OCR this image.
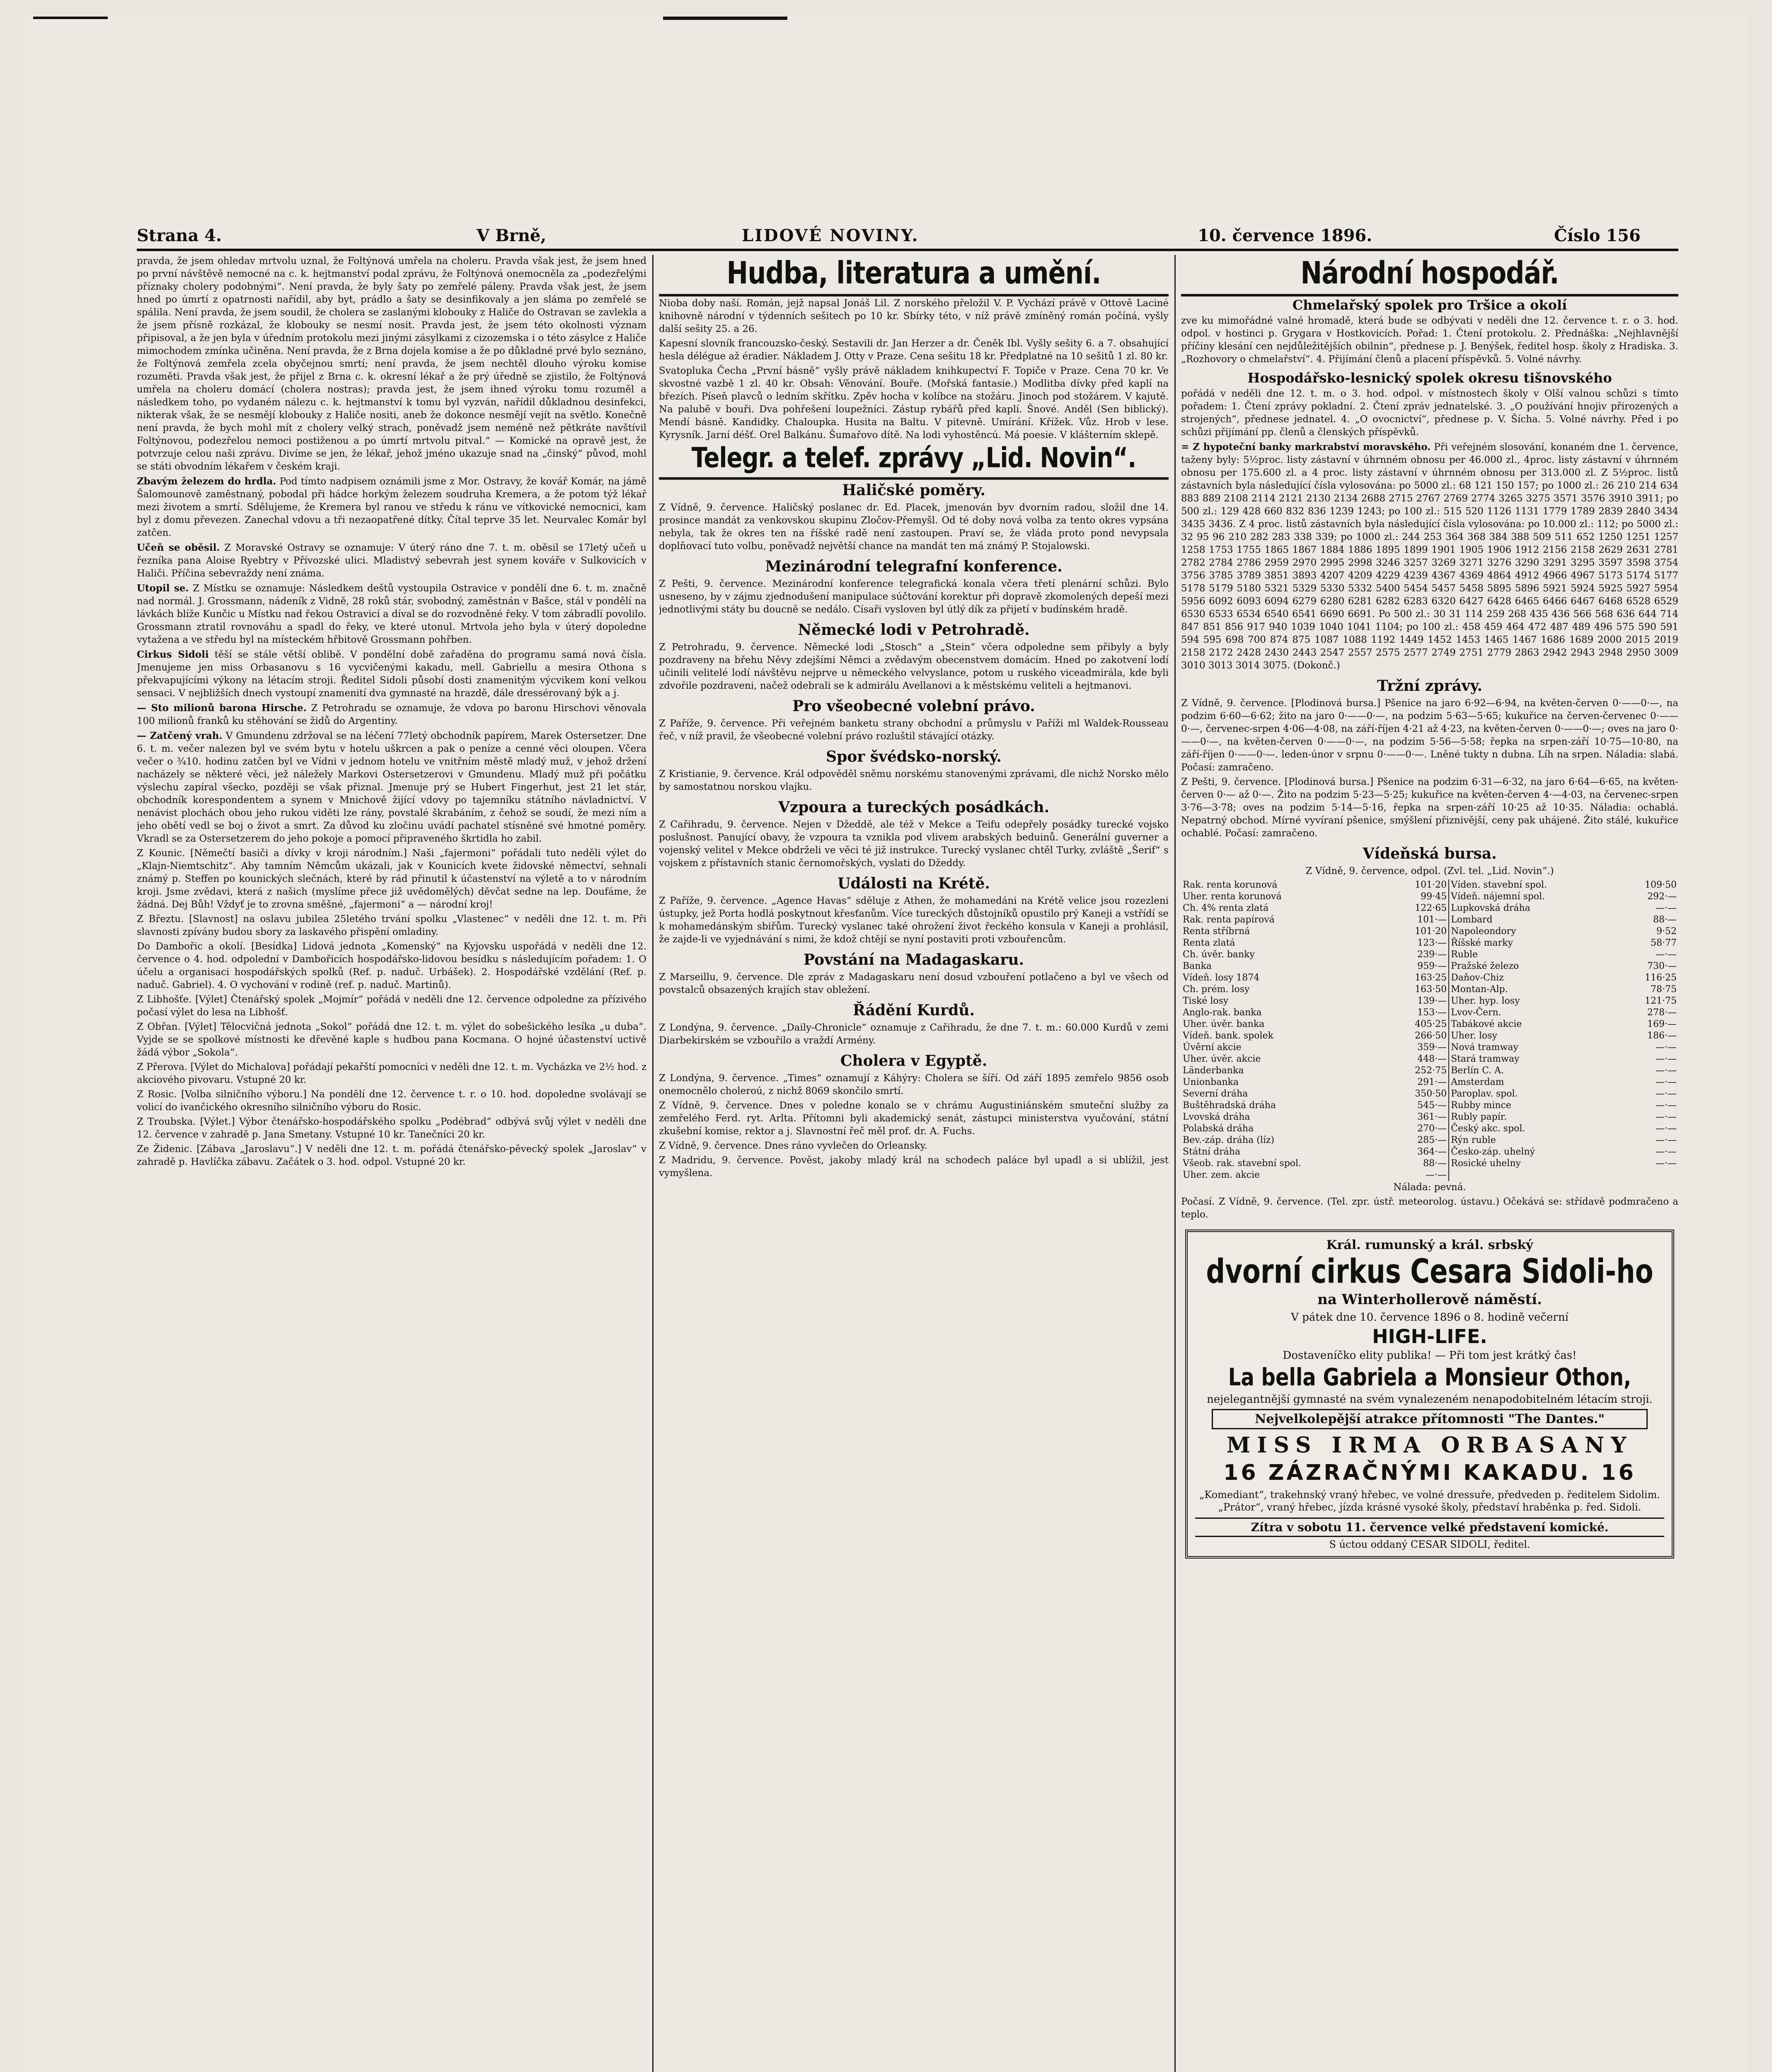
Strana 4.	V Brně,	LIDOVÉ NOVINY.	10. července 1896.	Číslo 156

pravda, že jsem ohledav mrtvolu uznal, že Foltýnová umřela na choleru. Pravda však jest, že jsem hned po první návštěvě nemocné na c. k. hejtmanství podal zprávu, že Foltýnová onemocněla za „podezřelými příznaky cholery podobnými“. Není pravda, že byly šaty po zemřelé páleny. Pravda však jest, že jsem hned po úmrtí z opatrnosti nařídil, aby byt, prádlo a šaty se desinfikovaly a jen sláma po zemřelé se spálila. Není pravda, že jsem soudil, že cholera se zaslanými klobouky z Haliče do Ostravan se zavlekla a že jsem přísně rozkázal, že klobouky se nesmí nosit. Pravda jest, že jsem této okolnosti význam připisoval, a že jen byla v úředním protokolu mezi jinými zásylkami z cizozemska i o této zásylce z Haliče mimochodem zmínka učiněna. Není pravda, že z Brna dojela komise a že po důkladné prvé bylo seznáno, že Foltýnová zemřela zcela obyčejnou smrtí; není pravda, že jsem nechtěl dlouho výroku komise rozuměti. Pravda však jest, že přijel z Brna c. k. okresní lékař a že prý úředně se zjistilo, že Foltýnová umřela na choleru domácí (cholera nostras); pravda jest, že jsem ihned výroku tomu rozuměl a následkem toho, po vydaném nálezu c. k. hejtmanství k tomu byl vyzván, nařídil důkladnou desinfekci, nikterak však, že se nesmějí klobouky z Haliče nositi, aneb že dokonce nesmějí vejít na světlo. Konečně není pravda, že bych mohl mít z cholery velký strach, poněvadž jsem neméně než pětkráte navštívil Foltýnovou, podezřelou nemoci postiženou a po úmrtí mrtvolu pitval.“ — Komické na opravě jest, že potvrzuje celou naši zprávu. Divíme se jen, že lékař, jehož jméno ukazuje snad na „činský“ původ, mohl se státi obvodním lékařem v českém kraji.

Zbavým železem do hrdla. Pod tímto nadpisem oznámili jsme z Mor. Ostravy, že kovář Komár, na jámě Šalomounově zaměstnaný, pobodal při hádce horkým železem soudruha Kremera, a že potom týž lékař mezi životem a smrtí. Sdělujeme, že Kremera byl ranou ve středu k ránu ve vítkovické nemocnici, kam byl z domu převezen. Zanechal vdovu a tři nezaopatřené dítky. Čítal teprve 35 let. Neurvalec Komár byl zatčen.

Učeň se oběsil. Z Moravské Ostravy se oznamuje: V úterý ráno dne 7. t. m. oběsil se 17letý učeň u řezníka pana Aloise Ryebtry v Přívozské ulici. Mladistvý sebevrah jest synem kováře v Sulkovicích v Haliči. Příčina sebevraždy není známa.

Utopil se. Z Místku se oznamuje: Následkem deštů vystoupila Ostravice v pondělí dne 6. t. m. značně nad normál. J. Grossmann, nádeník z Vidně, 28 roků stár, svobodný, zaměstnán v Bašce, stál v pondělí na lávkách blíže Kunčic u Místku nad řekou Ostravicí a díval se do rozvodněné řeky. V tom zábradlí povolilo. Grossmann ztratil rovnováhu a spadl do řeky, ve které utonul. Mrtvola jeho byla v úterý dopoledne vytažena a ve středu byl na místeckém hřbitově Grossmann pohřben.

Cirkus Sidoli těší se stále větší oblibě. V pondělní době zařaděna do programu samá nová čísla. Jmenujeme jen miss Orbasanovu s 16 vycvičenými kakadu, mell. Gabriellu a mesira Othona s překvapujícími výkony na létacím stroji. Ředitel Sidoli působí dosti znamenitým výcvikem koní velkou sensaci. V nejbližších dnech vystoupí znamenití dva gymnasté na hrazdě, dále dressérovaný býk a j.

— Sto milionů barona Hirsche. Z Petrohradu se oznamuje, že vdova po baronu Hirschovi věnovala 100 milionů franků ku stěhování se židů do Argentiny.

— Zatčený vrah. V Gmundenu zdržoval se na léčení 77letý obchodník papírem, Marek Ostersetzer. Dne 6. t. m. večer nalezen byl ve svém bytu v hotelu uškrcen a pak o peníze a cenné věci oloupen. Včera večer o ¾10. hodinu zatčen byl ve Vídni v jednom hotelu ve vnitřním městě mladý muž, v jehož držení nacházely se některé věci, jež náležely Markovi Ostersetzerovi v Gmundenu. Mladý muž při počátku výslechu zapíral všecko, později se však přiznal. Jmenuje prý se Hubert Fingerhut, jest 21 let stár, obchodník korespondentem a synem v Mnichově žijící vdovy po tajemníku státního návladnictví. V nenávist plochách obou jeho rukou viděti lze rány, povstalé škrabáním, z čehož se soudí, že mezi ním a jeho obětí vedl se boj o život a smrt. Za důvod ku zločinu uvádí pachatel stísněné své hmotné poměry. Vkradl se za Ostersetzerem do jeho pokoje a pomocí připraveného škrtidla ho zabil.

Z Kounic. [Němečtí basiči a dívky v kroji národním.] Naši „fajermoni“ pořádali tuto neděli výlet do „Klajn-Niemtschitz“. Aby tamním Němcům ukázali, jak v Kounicích kvete židovské němectví, sehnali známý p. Steffen po kounických slečnách, které by rád přinutil k účastenství na výletě a to v národním kroji. Jsme zvědavi, která z našich (myslíme přece již uvědomělých) děvčat sedne na lep. Doufáme, že žádná. Dej Bůh! Vždyť je to zrovna směšné, „fajermoni“ a — národní kroj!

Z Březtu. [Slavnost] na oslavu jubilea 25letého trvání spolku „Vlastenec“ v neděli dne 12. t. m. Při slavnosti zpívány budou sbory za laskavého přispění omladiny.

Do Dambořic a okolí. [Besídka] Lidová jednota „Komenský“ na Kyjovsku uspořádá v neděli dne 12. července o 4. hod. odpolední v Dambořicích hospodářsko-lidovou besídku s následujícím pořadem: 1. O účelu a organisaci hospodářských spolků (Ref. p. naduč. Urbášek). 2. Hospodářské vzdělání (Ref. p. naduč. Gabriel). 4. O vychování v rodině (ref. p. naduč. Martinů).

Z Libhošťe. [Výlet] Čtenářský spolek „Mojmír“ pořádá v neděli dne 12. července odpoledne za přízivého počasí výlet do lesa na Libhošť.

Z Obřan. [Výlet] Tělocvičná jednota „Sokol“ pořádá dne 12. t. m. výlet do sobešického lesíka „u duba“. Vyjde se se spolkové místnosti ke dřevěné kaple s hudbou pana Kocmana. O hojné účastenství uctivě žádá výbor „Sokola“.

Z Přerova. [Výlet do Michalova] pořádají pekařští pomocníci v neděli dne 12. t. m. Vycházka ve 2½ hod. z akciového pivovaru. Vstupné 20 kr.

Z Rosic. [Volba silničního výboru.] Na pondělí dne 12. července t. r. o 10. hod. dopoledne svolávají se volicí do ivančického okresního silničního výboru do Rosic.

Z Troubska. [Výlet.] Výbor čtenářsko-hospodářského spolku „Podébrad“ odbývá svůj výlet v neděli dne 12. července v zahradě p. Jana Smetany. Vstupné 10 kr. Tanečníci 20 kr.

Ze Židenic. [Zábava „Jaroslavu“.] V neděli dne 12. t. m. pořádá čtenářsko-pěvecký spolek „Jaroslav“ v zahradě p. Havlíčka zábavu. Začátek o 3. hod. odpol. Vstupné 20 kr.

Hudba, literatura a umění.

Nioba doby naší. Román, jejž napsal Jonáš Lil. Z norského přeložil V. P. Vychází právě v Ottově Laciné knihovně národní v týdenních sešitech po 10 kr. Sbírky této, v níž právě zmíněný román počíná, vyšly další sešity 25. a 26.

Kapesní slovník francouzsko-český. Sestavili dr. Jan Herzer a dr. Čeněk Ibl. Vyšly sešity 6. a 7. obsahující hesla délégue až éradier. Nákladem J. Otty v Praze. Cena sešitu 18 kr. Předplatné na 10 sešitů 1 zl. 80 kr.

Svatopluka Čecha „První básně“ vyšly právě nákladem knihkupectví F. Topiče v Praze. Cena 70 kr. Ve skvostné vazbě 1 zl. 40 kr. Obsah: Věnování. Bouře. (Mořská fantasie.) Modlitba dívky před kaplí na březích. Píseň plavců o ledním skřítku. Zpěv hocha v kolíbce na stožáru. Jinoch pod stožárem. V kajutě. Na palubě v bouři. Dva pohřešení loupežníci. Zástup rybářů před kaplí. Šnové. Anděl (Sen biblický). Mendí básně. Kandidky. Chaloupka. Husita na Baltu. V pitevně. Umírání. Křížek. Vůz. Hrob v lese. Kyrysník. Jarní déšť. Orel Balkánu. Šumařovo dítě. Na lodi vyhostěncú. Má poesie. V klášterním sklepě.

Telegr. a telef. zprávy „Lid. Novin“.
Haličské poměry.

Z Vídně, 9. července. Haličský poslanec dr. Ed. Placek, jmenován byv dvorním radou, složil dne 14. prosince mandát za venkovskou skupinu Zločov-Přemyšl. Od té doby nová volba za tento okres vypsána nebyla, tak že okres ten na říšské radě není zastoupen. Praví se, že vláda proto pond nevypsala doplňovací tuto volbu, poněvadž největší chance na mandát ten má známý P. Stojalowski.

Mezinárodní telegrafní konference.

Z Pešti, 9. července. Mezinárodní konference telegrafická konala včera třetí plenární schůzi. Bylo usneseno, by v zájmu zjednodušení manipulace súčtování korektur při dopravě zkomolených depeší mezi jednotlivými státy bu doucně se nedálo. Císaři vysloven byl útlý dík za přijetí v budínském hradě.

Německé lodi v Petrohradě.

Z Petrohradu, 9. července. Německé lodi „Stosch“ a „Stein“ včera odpoledne sem přibyly a byly pozdraveny na břehu Něvy zdejšími Němci a zvědavým obecenstvem domácím. Hned po zakotvení lodí učinili velitelé lodí návštěvu nejprve u německého velvyslance, potom u ruského viceadmirála, kde byli zdvořile pozdraveni, načež odebrali se k admirálu Avellanovi a k městskému veliteli a hejtmanovi.

Pro všeobecné volební právo.

Z Paříže, 9. července. Při veřejném banketu strany obchodní a průmyslu v Paříži ml Waldek-Rousseau řeč, v níž pravil, že všeobecné volební právo rozluštil stávající otázky.

Spor švédsko-norský.

Z Kristianie, 9. července. Král odpověděl sněmu norskému stanovenými zprávami, dle nichž Norsko mělo by samostatnou norskou vlajku.

Vzpoura a tureckých posádkách.

Z Cařihradu, 9. července. Nejen v Džeddě, ale též v Mekce a Teifu odepřely posádky turecké vojsko poslušnost. Panující obavy, že vzpoura ta vznikla pod vlivem arabských beduinů. Generální guverner a vojenský velitel v Mekce obdrželi ve věci té již instrukce. Turecký vyslanec chtěl Turky, zvláště „Šerif“ s vojskem z přístavních stanic černomořských, vyslati do Džeddy.

Události na Krétě.

Z Paříže, 9. července. „Agence Havas“ sděluje z Athen, že mohamedáni na Krétě velice jsou rozezleni ústupky, jež Porta hodlá poskytnout křesťanům. Více tureckých důstojníků opustilo prý Kaneji a vstřídí se k mohamedánským sbiřům. Turecký vyslanec také ohrožení život řeckého konsula v Kaneji a prohlásil, že zajde-li ve vyjednávání s nimi, že kdož chtějí se nyní postaviti proti vzbouřencům.

Povstání na Madagaskaru.

Z Marseillu, 9. července. Dle zpráv z Madagaskaru není dosud vzbouření potlačeno a byl ve všech od povstalců obsazených krajích stav obležení.

Řádění Kurdů.

Z Londýna, 9. července. „Daily-Chronicle“ oznamuje z Cařihradu, že dne 7. t. m.: 60.000 Kurdů v zemi Diarbekirském se vzbouřilo a vraždí Armény.

Cholera v Egyptě.

Z Londýna, 9. července. „Times“ oznamují z Káhýry: Cholera se šíří. Od září 1895 zemřelo 9856 osob onemocnělo choleroú, z nichž 8069 skončilo smrtí.

Z Vídně, 9. července. Dnes v poledne konalo se v chrámu Augustiniánském smuteční služby za zemřelého Ferd. ryt. Arlta. Přítomni byli akademický senát, zástupci ministerstva vyučování, státní zkušební komise, rektor a j. Slavnostní řeč měl prof. dr. A. Fuchs.

Z Vídně, 9. července. Dnes ráno vyvlečen do Orleansky.

Z Madridu, 9. července. Pověst, jakoby mladý král na schodech paláce byl upadl a si ublížil, jest vymyšlena.

Národní hospodář.
Chmelařský spolek pro Tršice a okolí

zve ku mimořádné valné hromadě, která bude se odbývati v neděli dne 12. července t. r. o 3. hod. odpol. v hostinci p. Grygara v Hostkovicích. Pořad: 1. Čtení protokolu. 2. Přednáška: „Nejhlavnější příčiny klesání cen nejdůležitějších obilnin“, přednese p. J. Benýšek, ředitel hosp. školy z Hradiska. 3. „Rozhovory o chmelařství“. 4. Přijímání členů a placení příspěvků. 5. Volné návrhy.

Hospodářsko-lesnický spolek okresu tišnovského

pořádá v neděli dne 12. t. m. o 3. hod. odpol. v místnostech školy v Olší valnou schůzi s tímto pořadem: 1. Čtení zprávy pokladní. 2. Čtení zpráv jednatelské. 3. „O používání hnojiv přirozených a strojených“, přednese jednatel. 4. „O ovocnictví“, přednese p. V. Šícha. 5. Volné návrhy. Před i po schůzi přijímání pp. členů a členských příspěvků.

= Z hypoteční banky markrabství moravského. Při veřejném slosování, konaném dne 1. července, taženy byly: 5½proc. listy zástavní v úhrnném obnosu per 46.000 zl., 4proc. listy zástavní v úhrnném obnosu per 175.600 zl. a 4 proc. listy zástavní v úhrnném obnosu per 313.000 zl. Z 5½proc. listů zástavních byla následující čísla vylosována: po 5000 zl.: 68 121 150 157; po 1000 zl.: 26 210 214 634 883 889 2108 2114 2121 2130 2134 2688 2715 2767 2769 2774 3265 3275 3571 3576 3910 3911; po 500 zl.: 129 428 660 832 836 1239 1243; po 100 zl.: 515 520 1126 1131 1779 1789 2839 2840 3434 3435 3436. Z 4 proc. listů zástavních byla následující čísla vylosována: po 10.000 zl.: 112; po 5000 zl.: 32 95 96 210 282 283 338 339; po 1000 zl.: 244 253 364 368 384 388 509 511 652 1250 1251 1257 1258 1753 1755 1865 1867 1884 1886 1895 1899 1901 1905 1906 1912 2156 2158 2629 2631 2781 2782 2784 2786 2959 2970 2995 2998 3246 3257 3269 3271 3276 3290 3291 3295 3597 3598 3754 3756 3785 3789 3851 3893 4207 4209 4229 4239 4367 4369 4864 4912 4966 4967 5173 5174 5177 5178 5179 5180 5321 5329 5330 5332 5400 5454 5457 5458 5895 5896 5921 5924 5925 5927 5954 5956 6092 6093 6094 6279 6280 6281 6282 6283 6320 6427 6428 6465 6466 6467 6468 6528 6529 6530 6533 6534 6540 6541 6690 6691. Po 500 zl.: 30 31 114 259 268 435 436 566 568 636 644 714 847 851 856 917 940 1039 1040 1041 1104; po 100 zl.: 458 459 464 472 487 489 496 575 590 591 594 595 698 700 874 875 1087 1088 1192 1449 1452 1453 1465 1467 1686 1689 2000 2015 2019 2158 2172 2428 2430 2443 2547 2557 2575 2577 2749 2751 2779 2863 2942 2943 2948 2950 3009 3010 3013 3014 3075. (Dokonč.)

Tržní zprávy.

Z Vídně, 9. července. [Plodinová bursa.] Pšenice na jaro 6·92—6·94, na květen-červen 0·——0·—, na podzim 6·60—6·62; žito na jaro 0·——0·—, na podzim 5·63—5·65; kukuřice na červen-červenec 0·——0·—, červenec-srpen 4·06—4·08, na září-říjen 4·21 až 4·23, na květen-červen 0·——0·—; oves na jaro 0·——0·—, na květen-červen 0·——0·—, na podzim 5·56—5·58; řepka na srpen-září 10·75—10·80, na září-říjen 0·——0·—. leden-únor v srpnu 0·——0·—. Lněné tukty n dubna. Líh na srpen. Náladia: slabá. Počasí: zamračeno.

Z Pešti, 9. července. [Plodinová bursa.] Pšenice na podzim 6·31—6·32, na jaro 6·64—6·65, na květen-červen 0·— až 0·—. Žito na podzim 5·23—5·25; kukuřice na květen-červen 4·—4·03, na červenec-srpen 3·76—3·78; oves na podzim 5·14—5·16, řepka na srpen-září 10·25 až 10·35. Náladia: ochablá. Nepatrný obchod. Mírné vyvíraní pšenice, smýšlení přiznivější, ceny pak uhájené. Žito stálé, kukuřice ochablé. Počasí: zamračeno.

Vídeňská bursa.

Z Vídně, 9. července, odpol. (Zvl. tel. „Lid. Novin“.)

Rak. renta korunová	101·20	Víden. stavební spol.	109·50
Uher. renta korunová	99·45	Vídeň. nájemní spol.	292·—
Ch. 4% renta zlatá	122·65	Lupkovská dráha	—·—
Rak. renta papírová	101·—	Lombard	88·—
Renta stříbrná	101·20	Napoleondory	9·52
Renta zlatá	123·—	Říšské marky	58·77
Ch. úvěr. banky	239·—	Ruble	—·—
Banka	959·—	Pražské železo	730·—
Vídeň. losy 1874	163·25	Daňov-Chiz	116·25
Ch. prém. losy	163·50	Montan-Alp.	78·75
Tiské losy	139·—	Uher. hyp. losy	121·75
Anglo-rak. banka	153·—	Lvov-Čern.	278·—
Uher. úvěr. banka	405·25	Tabákové akcie	169·—
Vídeň. bank. spolek	266·50	Uher. losy	186·—
Úvěrní akcie	359·—	Nová tramway	—·—
Uher. úvěr. akcie	448·—	Stará tramway	—·—
Länderbanka	252·75	Berlín C. A.	—·—
Unionbanka	291·—	Amsterdam	—·—
Severní dráha	350·50	Paroplav. spol.	—·—
Buštěhradská dráha	545·—	Rubby mince	—·—
Lvovská dráha	361·—	Rubly papír.	—·—
Polabská dráha	270·—	Český akc. spol.	—·—
Bev.-záp. dráha (líz)	285·—	Rýn ruble	—·—
Státní dráha	364·—	Česko-záp. uhelný	—·—
Všeob. rak. stavební spol.	88·—	Rosické uhelny	—·—
Uher. zem. akcie	—·—		

Nálada: pevná.

Počasí. Z Vídně, 9. července. (Tel. zpr. ústř. meteorolog. ústavu.) Očekává se: střídavě podmračeno a teplo.

Král. rumunský a král. srbský
dvorní cirkus Cesara Sidoli-ho
na Winterhollerově náměstí.
V pátek dne 10. července 1896 o 8. hodině večerní
HIGH-LIFE.
Dostaveníčko elity publika! — Při tom jest krátký čas!
La bella Gabriela a Monsieur Othon,
nejelegantnější gymnasté na svém vynalezeném nenapodobitelném létacím stroji.
Nejvelkolepější atrakce přítomnosti "The Dantes."
MISS IRMA ORBASANY
16 ZÁZRAČNÝMI KAKADU. 16
„Komediant“, trakehnský vraný hřebec, ve volné dressuře, předveden p. ředitelem Sidolim. „Prátor“, vraný hřebec, jízda krásné vysoké školy, představí hraběnka p. řed. Sidoli.
Zítra v sobotu 11. července velké představení komické.
S úctou oddaný CESAR SIDOLI, ředitel.
